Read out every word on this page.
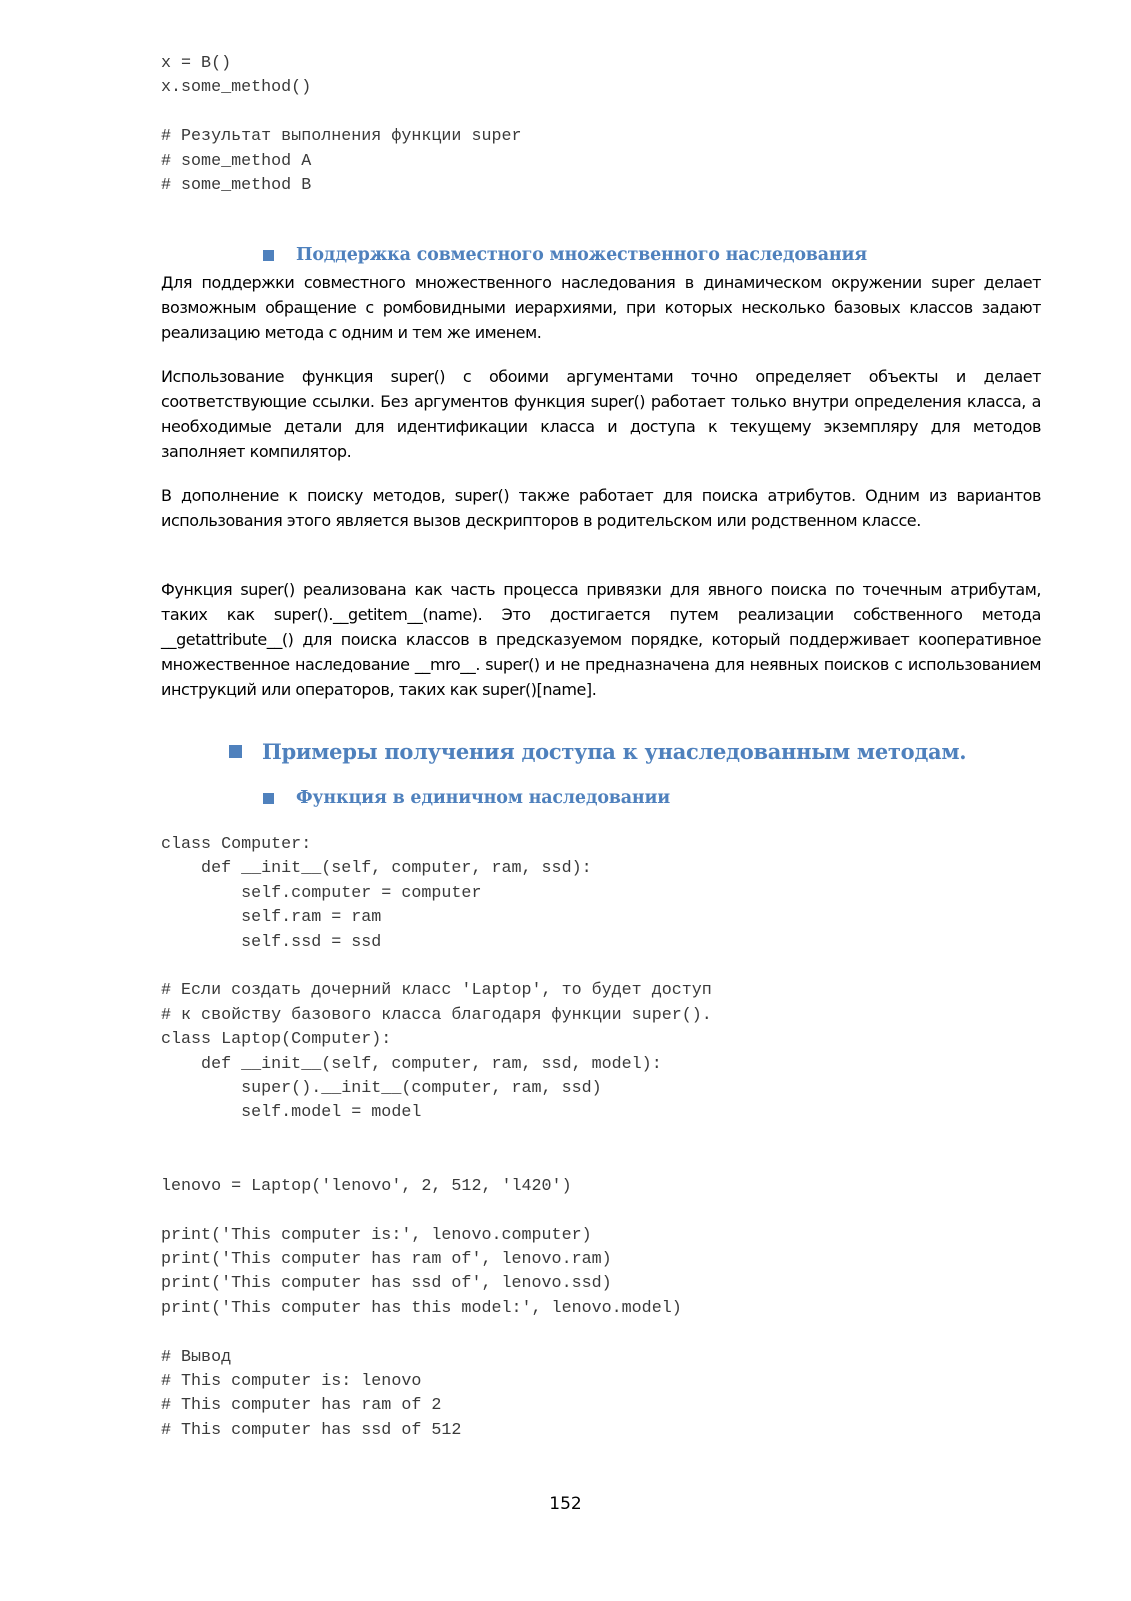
x = B()
x.some_method()

# Результат выполнения функции super
# some_method A
# some_method B
Поддержка совместного множественного наследования

Для поддержки совместного множественного наследования в динамическом окружении super делает возможным обращение с ромбовидными иерархиями, при которых несколько базовых классов задают реализацию метода с одним и тем же именем.

Использование функция super() с обоими аргументами точно определяет объекты и делает соответствующие ссылки. Без аргументов функция super() работает только внутри определения класса, а необходимые детали для идентификации класса и доступа к текущему экземпляру для методов заполняет компилятор.

В дополнение к поиску методов, super() также работает для поиска атрибутов. Одним из вариантов использования этого является вызов дескрипторов в родительском или родственном классе.

Функция super() реализована как часть процесса привязки для явного поиска по точечным атрибутам, таких как super().__getitem__(name). Это достигается путем реализации собственного метода __getattribute__() для поиска классов в предсказуемом порядке, который поддерживает кооперативное множественное наследование __mro__. super() и не предназначена для неявных поисков с использованием инструкций или операторов, таких как super()[name].

Примеры получения доступа к унаследованным методам.
Функция в единичном наследовании
class Computer:
def __init__(self, computer, ram, ssd):
self.computer = computer
self.ram = ram
self.ssd = ssd

# Если создать дочерний класс 'Laptop', то будет доступ
# к свойству базового класса благодаря функции super().
class Laptop(Computer):
def __init__(self, computer, ram, ssd, model):
super().__init__(computer, ram, ssd)
self.model = model

lenovo = Laptop('lenovo', 2, 512, 'l420')

print('This computer is:', lenovo.computer)
print('This computer has ram of', lenovo.ram)
print('This computer has ssd of', lenovo.ssd)
print('This computer has this model:', lenovo.model)

# Вывод
# This computer is: lenovo
# This computer has ram of 2
# This computer has ssd of 512
152
